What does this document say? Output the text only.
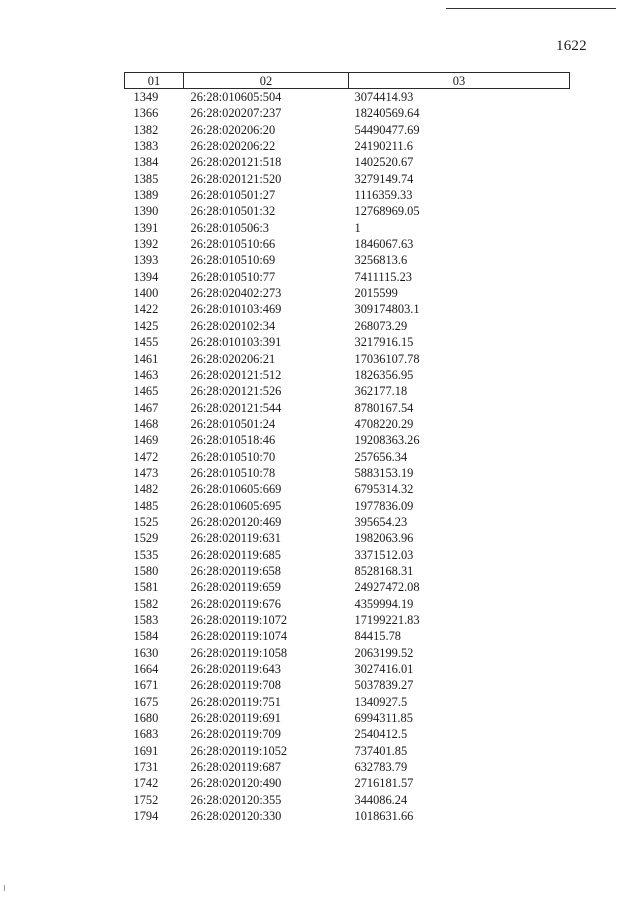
1622
01	02	03
1349	26:28:010605:504	3074414.93
1366	26:28:020207:237	18240569.64
1382	26:28:020206:20	54490477.69
1383	26:28:020206:22	24190211.6
1384	26:28:020121:518	1402520.67
1385	26:28:020121:520	3279149.74
1389	26:28:010501:27	1116359.33
1390	26:28:010501:32	12768969.05
1391	26:28:010506:3	1
1392	26:28:010510:66	1846067.63
1393	26:28:010510:69	3256813.6
1394	26:28:010510:77	7411115.23
1400	26:28:020402:273	2015599
1422	26:28:010103:469	309174803.1
1425	26:28:020102:34	268073.29
1455	26:28:010103:391	3217916.15
1461	26:28:020206:21	17036107.78
1463	26:28:020121:512	1826356.95
1465	26:28:020121:526	362177.18
1467	26:28:020121:544	8780167.54
1468	26:28:010501:24	4708220.29
1469	26:28:010518:46	19208363.26
1472	26:28:010510:70	257656.34
1473	26:28:010510:78	5883153.19
1482	26:28:010605:669	6795314.32
1485	26:28:010605:695	1977836.09
1525	26:28:020120:469	395654.23
1529	26:28:020119:631	1982063.96
1535	26:28:020119:685	3371512.03
1580	26:28:020119:658	8528168.31
1581	26:28:020119:659	24927472.08
1582	26:28:020119:676	4359994.19
1583	26:28:020119:1072	17199221.83
1584	26:28:020119:1074	84415.78
1630	26:28:020119:1058	2063199.52
1664	26:28:020119:643	3027416.01
1671	26:28:020119:708	5037839.27
1675	26:28:020119:751	1340927.5
1680	26:28:020119:691	6994311.85
1683	26:28:020119:709	2540412.5
1691	26:28:020119:1052	737401.85
1731	26:28:020119:687	632783.79
1742	26:28:020120:490	2716181.57
1752	26:28:020120:355	344086.24
1794	26:28:020120:330	1018631.66
